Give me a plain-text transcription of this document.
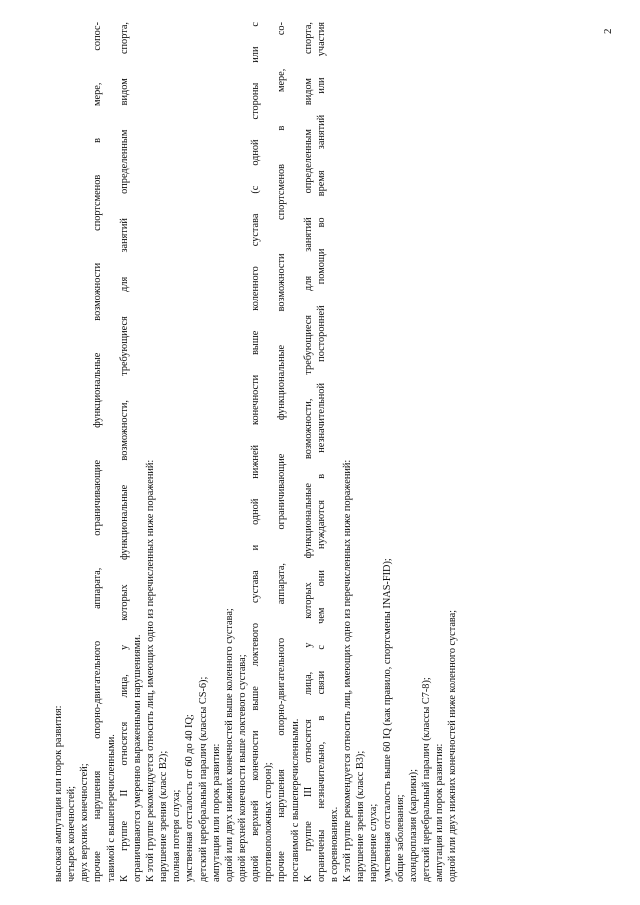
2
высокая ампутация или порок развития: четырех конечностей; двух верхних конечностей; прочие нарушения опорно-двигательного аппарата, ограничивающие функциональные возможности спортсменов в мере, сопос- тавимой с вышеперечисленными. К группе II относятся лица, у которых функциональные возможности, требующиеся для занятий определенным видом спорта, ограничиваются умеренно выраженными нарушениями. К этой группе рекомендуется относить лиц, имеющих одно из перечисленных ниже поражений: нарушение зрения (класс В2); полная потеря слуха; умственная отсталость от 60 до 40 IQ; детский церебральный паралич (классы CS-6); ампутация или порок развития: одной или двух нижних конечностей выше коленного сустава; одной верхней конечности выше локтевого сустава; одной верхней конечности выше локтевого сустава и одной нижней конечности выше коленного сустава (с одной стороны или с противоположных сторон); прочие нарушения опорно-двигательного аппарата, ограничивающие функциональные возможности спортсменов в мере, со- поставимой с вышеперечисленными. К группе III относятся лица, у которых функциональные возможности, требующиеся для занятий определенным видом спорта, ограничены незначительно, в связи с чем они нуждаются в незначительной посторонней помощи во время занятий или участия в соревнованиях. К этой группе рекомендуется относить лиц, имеющих одно из перечисленных ниже поражений: нарушение зрения (класс В3); нарушение слуха; умственная отсталость выше 60 IQ (как правило, спортсмены INAS-FID); общие заболевания; ахондроплазия (карлики); детский церебральный паралич (классы С7-8); ампутация или порок развития: одной или двух нижних конечностей ниже коленного сустава;
